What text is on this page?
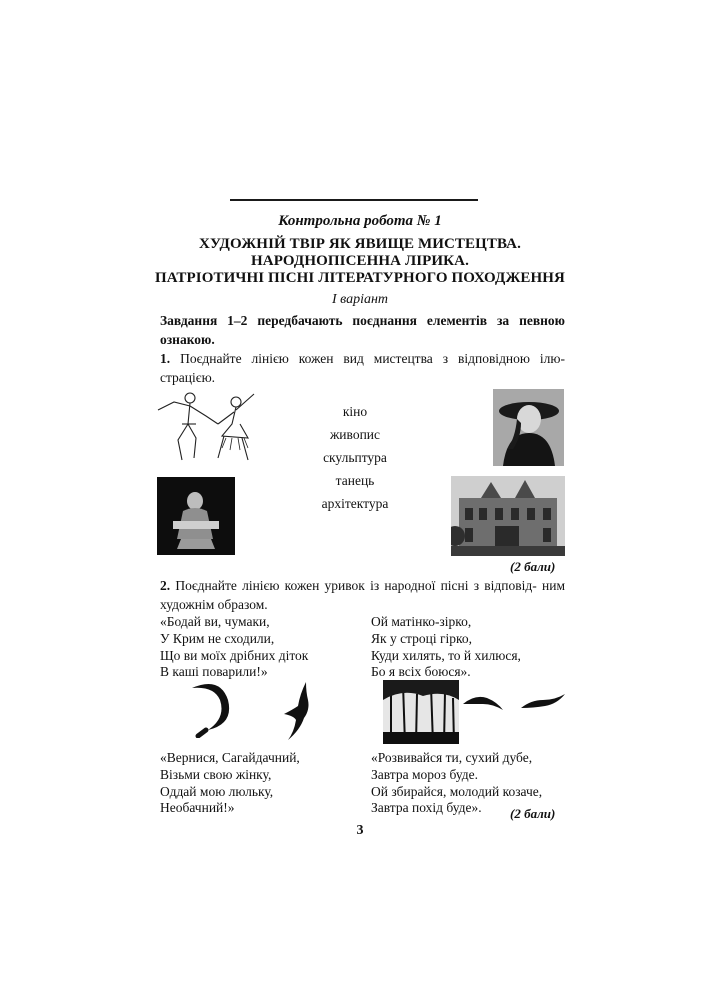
Контрольна робота № 1
ХУДОЖНІЙ ТВІР ЯК ЯВИЩЕ МИСТЕЦТВА.
НАРОДНОПІСЕННА ЛІРИКА.
ПАТРІОТИЧНІ ПІСНІ ЛІТЕРАТУРНОГО ПОХОДЖЕННЯ
І варіант
Завдання 1–2 передбачають поєднання елементів за певною ознакою.
1. Поєднайте лінією кожен вид мистецтва з відповідною ілю- страцією.
кіно
живопис
скульптура
танець
архітектура
(2 бали)
2. Поєднайте лінією кожен уривок із народної пісні з відповід- ним художнім образом.
«Бодай ви, чумаки,
У Крим не сходили,
Що ви моїх дрібних діток
В каші поварили!»
Ой матінко-зірко,
Як у строці гірко,
Куди хилять, то й хилюся,
Бо я всіх боюся».
«Вернися, Сагайдачний,
Візьми свою жінку,
Оддай мою люльку,
Необачний!»
«Розвивайся ти, сухий дубе,
Завтра мороз буде.
Ой збирайся, молодий козаче,
Завтра похід буде».	(2 бали)
3
